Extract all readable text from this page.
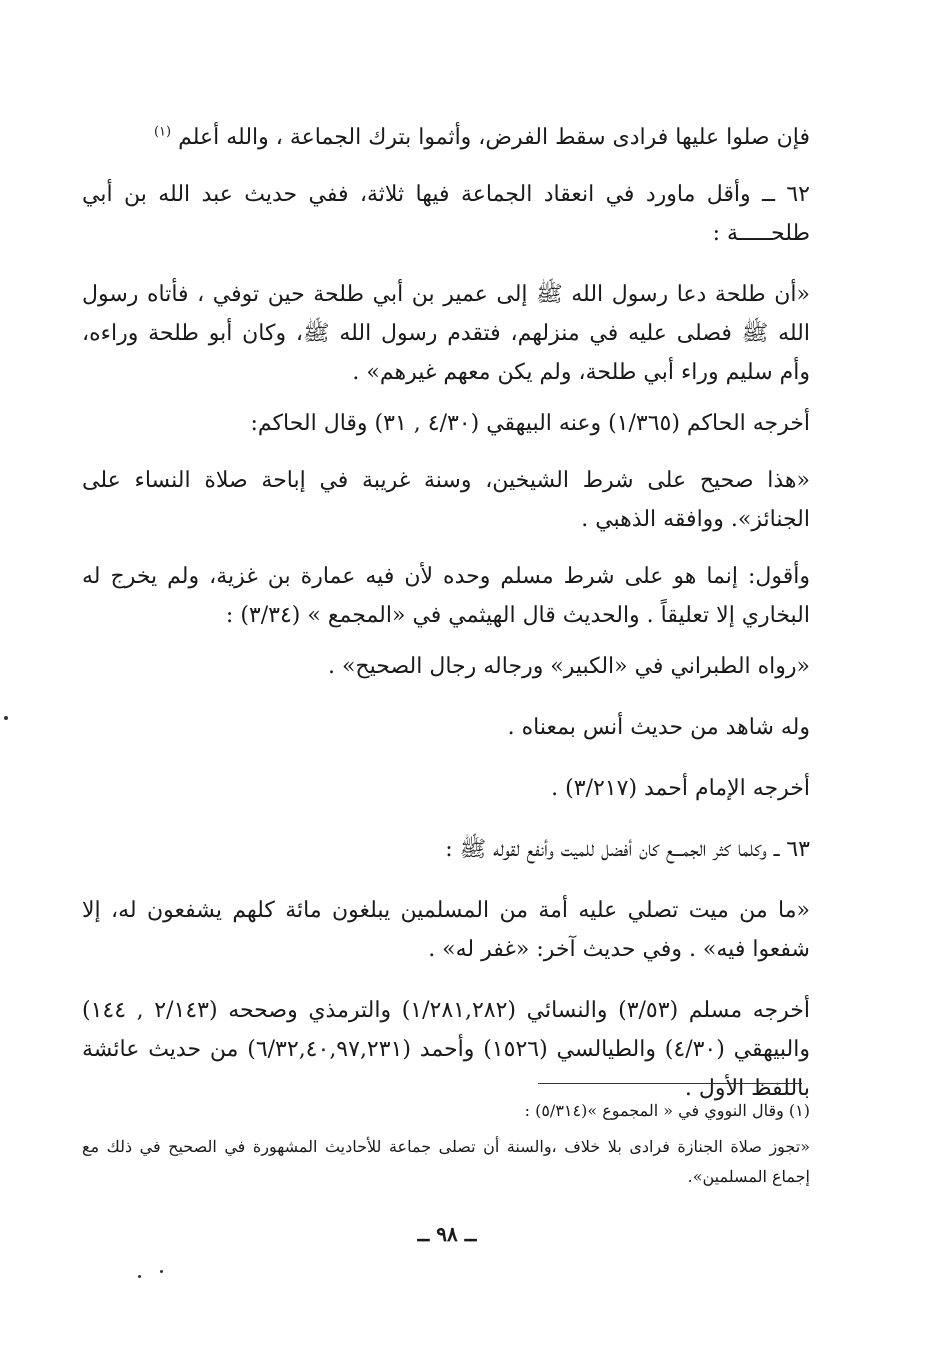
فإن صلوا عليها فرادى سقط الفرض، وأثموا بترك الجماعة ، والله أعلم $^{(١)}$

٦٢ ــ وأقل ماورد في انعقاد الجماعة فيها ثلاثة، ففي حديث عبد الله بن أبي طلحـــــة :

«أن طلحة دعا رسول الله ﷺ إلى عمير بن أبي طلحة حين توفي ، فأتاه رسول الله ﷺ فصلى عليه في منزلهم، فتقدم رسول الله ﷺ، وكان أبو طلحة وراءه، وأم سليم وراء أبي طلحة، ولم يكن معهم غيرهم» .

أخرجه الحاكم (١/٣٦٥) وعنه البيهقي (٤/٣٠ , ٣١) وقال الحاكم:

«هذا صحيح على شرط الشيخين، وسنة غريبة في إباحة صلاة النساء على الجنائز». ووافقه الذهبي .

وأقول: إنما هو على شرط مسلم وحده لأن فيه عمارة بن غزية، ولم يخرج له البخاري إلا تعليقاً . والحديث قال الهيثمي في «المجمع » (٣/٣٤) :

«رواه الطبراني في «الكبير» ورجاله رجال الصحيح» .

وله شاهد من حديث أنس بمعناه .

أخرجه الإمام أحمد (٣/٢١٧) .

٦٣ ــ وكلما كثر الجمـــع كان أفضل للميت وأنفع لقوله ﷺ :

«ما من ميت تصلي عليه أمة من المسلمين يبلغون مائة كلهم يشفعون له، إلا شفعوا فيه» . وفي حديث آخر: «غفر له» .

أخرجه مسلم (٣/٥٣) والنسائي (١/٢٨١,٢٨٢) والترمذي وصححه (٢/١٤٣ , ١٤٤) والبيهقي (٤/٣٠) والطيالسي (١٥٢٦) وأحمد (٦/٣٢,٤٠,٩٧,٢٣١) من حديث عائشة باللفظ الأول .

(١) وقال النووي في « المجموع »(٥/٣١٤) :

«تجوز صلاة الجنازة فرادى بلا خلاف ،والسنة أن تصلى جماعة للأحاديث المشهورة في الصحيح في ذلك مع إجماع المسلمين».

ــ ٩٨ ــ
